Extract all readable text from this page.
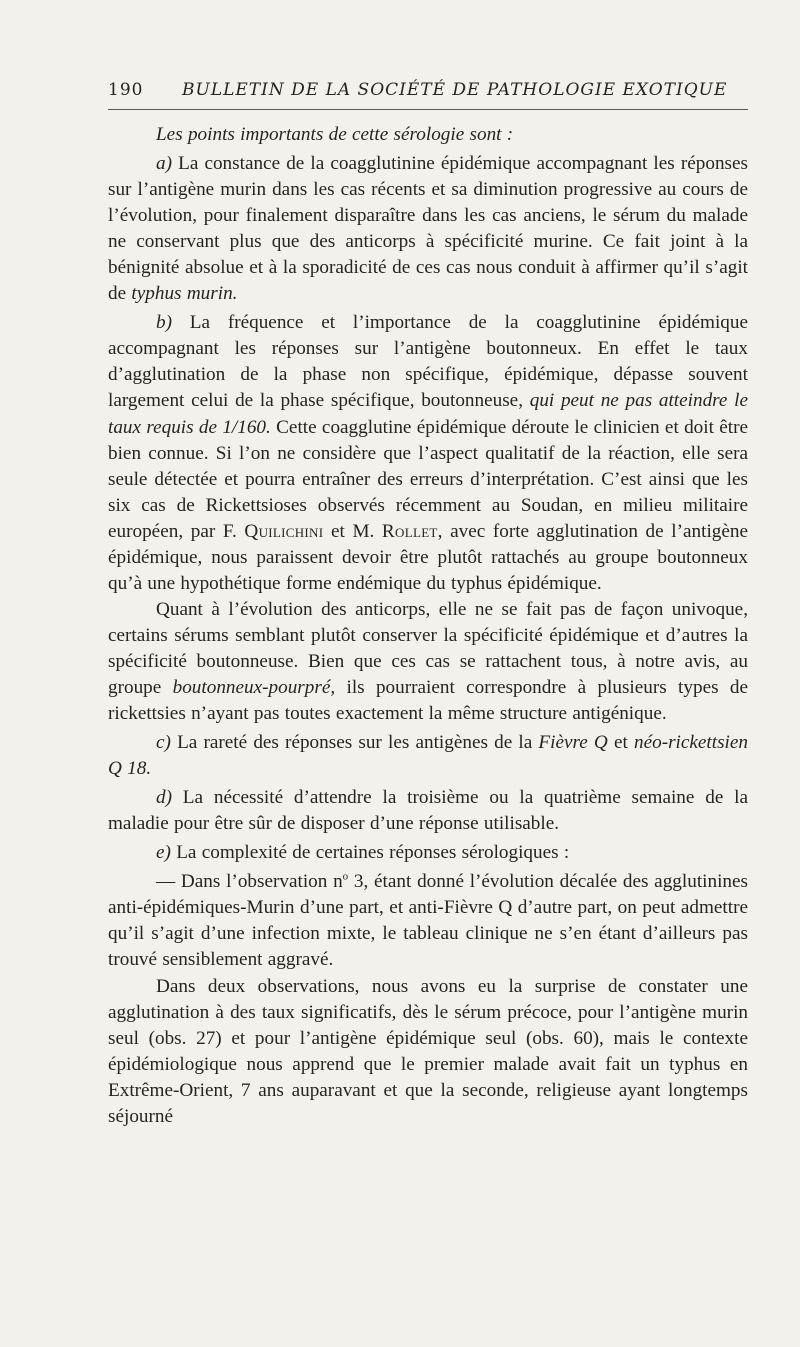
190 BULLETIN DE LA SOCIÉTÉ DE PATHOLOGIE EXOTIQUE

Les points importants de cette sérologie sont :

a) La constance de la coagglutinine épidémique accompagnant les réponses sur l’antigène murin dans les cas récents et sa diminution progressive au cours de l’évolution, pour finalement disparaître dans les cas anciens, le sérum du malade ne conservant plus que des anticorps à spécificité murine. Ce fait joint à la bénignité absolue et à la sporadicité de ces cas nous conduit à affirmer qu’il s’agit de typhus murin.

b) La fréquence et l’importance de la coagglutinine épidémique accompagnant les réponses sur l’antigène boutonneux. En effet le taux d’agglutination de la phase non spécifique, épidémique, dépasse souvent largement celui de la phase spécifique, boutonneuse, qui peut ne pas atteindre le taux requis de 1/160. Cette coagglutine épidémique déroute le clinicien et doit être bien connue. Si l’on ne considère que l’aspect qualitatif de la réaction, elle sera seule détectée et pourra entraîner des erreurs d’interprétation. C’est ainsi que les six cas de Rickettsioses observés récemment au Soudan, en milieu militaire européen, par F. Quilichini et M. Rollet, avec forte agglutination de l’antigène épidémique, nous paraissent devoir être plutôt rattachés au groupe boutonneux qu’à une hypothétique forme endémique du typhus épidémique.

Quant à l’évolution des anticorps, elle ne se fait pas de façon univoque, certains sérums semblant plutôt conserver la spécificité épidémique et d’autres la spécificité boutonneuse. Bien que ces cas se rattachent tous, à notre avis, au groupe boutonneux-pourpré, ils pourraient correspondre à plusieurs types de rickettsies n’ayant pas toutes exactement la même structure antigénique.

c) La rareté des réponses sur les antigènes de la Fièvre Q et néo-rickettsien Q 18.

d) La nécessité d’attendre la troisième ou la quatrième semaine de la maladie pour être sûr de disposer d’une réponse utilisable.

e) La complexité de certaines réponses sérologiques :

— Dans l’observation $n^o$ 3, étant donné l’évolution décalée des agglutinines anti-épidémiques-Murin d’une part, et anti-Fièvre Q d’autre part, on peut admettre qu’il s’agit d’une infection mixte, le tableau clinique ne s’en étant d’ailleurs pas trouvé sensiblement aggravé.

Dans deux observations, nous avons eu la surprise de constater une agglutination à des taux significatifs, dès le sérum précoce, pour l’antigène murin seul (obs. 27) et pour l’antigène épidémique seul (obs. 60), mais le contexte épidémiologique nous apprend que le premier malade avait fait un typhus en Extrême-Orient, 7 ans auparavant et que la seconde, religieuse ayant longtemps séjourné
